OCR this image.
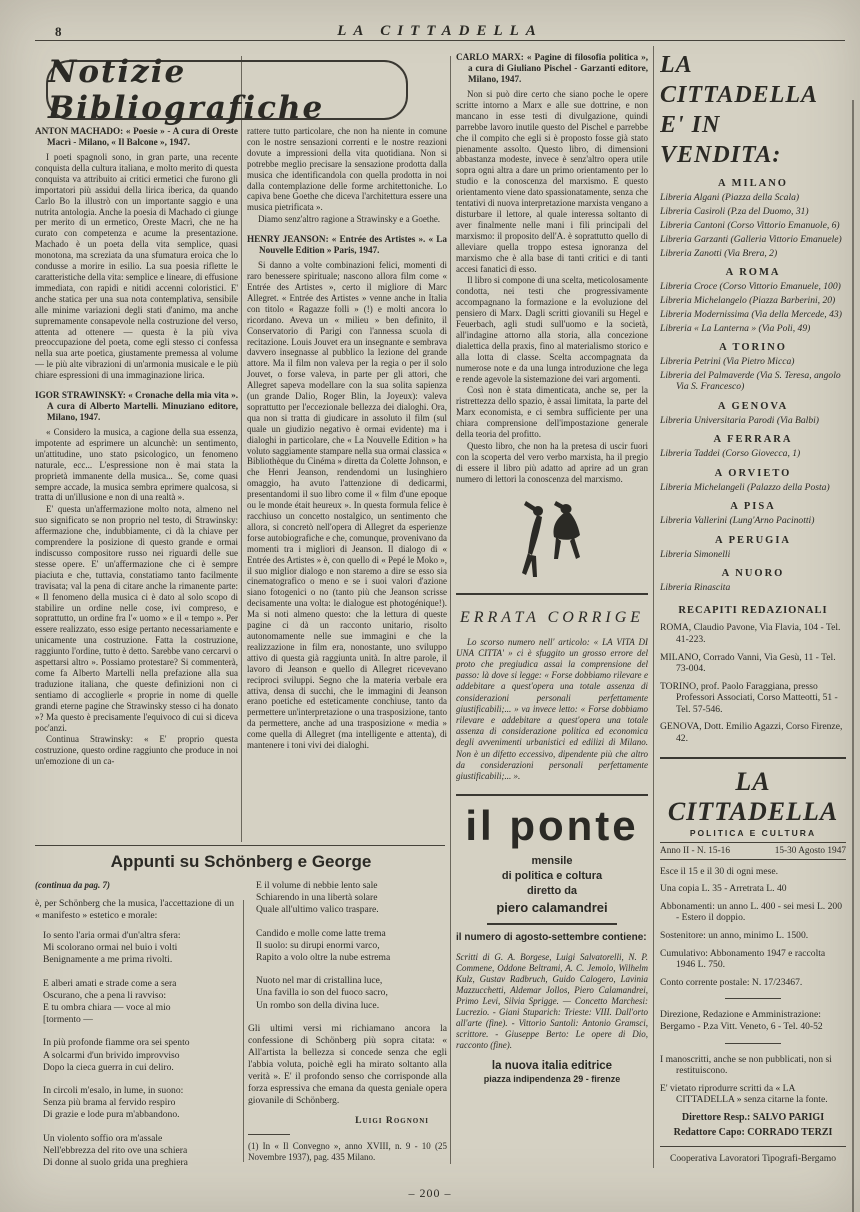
8	LA CITTADELLA
Notizie Bibliografiche

ANTON MACHADO: « Poesie » - A cura di Oreste Macrì - Milano, « Il Balcone », 1947.

I poeti spagnoli sono, in gran parte, una recente conquista della cultura italiana, e molto merito di questa conquista va attribuito ai critici ermetici che furono gli importatori più assidui della lirica iberica, da quando Carlo Bo la illustrò con un importante saggio e una nutrita antologia. Anche la poesia di Machado ci giunge per merito di un ermetico, Oreste Macrì, che ne ha curato con competenza e acume la presentazione. Machado è un poeta della vita semplice, quasi monotona, ma screziata da una sfumatura eroica che lo condusse a morire in esilio. La sua poesia riflette le caratteristiche della vita: semplice e lineare, di effusione immediata, con rapidi e nitidi accenni coloristici. E' anche statica per una sua nota contemplativa, sensibile alle minime variazioni degli stati d'animo, ma anche supremamente consapevole nella costruzione del verso, attenta ad ottenere — questa è la più viva preoccupazione del poeta, come egli stesso ci confessa nella sua arte poetica, giustamente premessa al volume — le più alte vibrazioni di un'armonia musicale e le più chiare espressioni di una immaginazione lirica.

IGOR STRAWINSKY: « Cronache della mia vita ». A cura di Alberto Martelli. Minuziano editore, Milano, 1947.

« Considero la musica, a cagione della sua essenza, impotente ad esprimere un alcunchè: un sentimento, un'attitudine, uno stato psicologico, un fenomeno naturale, ecc... L'espressione non è mai stata la proprietà immanente della musica... Se, come quasi sempre accade, la musica sembra eprimere qualcosa, si tratta di un'illusione e non di una realtà ».

E' questa un'affermazione molto nota, almeno nel suo significato se non proprio nel testo, di Strawinsky: affermazione che, indubbiamente, ci dà la chiave per comprendere la posizione di questo grande e ormai indiscusso compositore russo nei riguardi delle sue stesse opere. E' un'affermazione che ci è sempre piaciuta e che, tuttavia, constatiamo tanto facilmente travisata; val la pena di citare anche la rimanente parte: « Il fenomeno della musica ci è dato al solo scopo di stabilire un ordine nelle cose, ivi compreso, e soprattutto, un ordine fra l'« uomo » e il « tempo ». Per essere realizzato, esso esige pertanto necessariamente e unicamente una costruzione. Fatta la costruzione, raggiunto l'ordine, tutto è detto. Sarebbe vano cercarvi o aspettarsi altro ». Possiamo protestare? Si commenterà, come fa Alberto Martelli nella prefazione alla sua traduzione italiana, che queste definizioni non ci sentiamo di accoglierle « proprie in nome di quelle grandi eterne pagine che Strawinsky stesso ci ha donato »? Ma questo è precisamente l'equivoco di cui si diceva poc'anzi.

Continua Strawinsky: « E' proprio questa costruzione, questo ordine raggiunto che produce in noi un'emozione di un ca-

rattere tutto particolare, che non ha niente in comune con le nostre sensazioni correnti e le nostre reazioni dovute a impressioni della vita quotidiana. Non si potrebbe meglio precisare la sensazione prodotta dalla musica che identificandola con quella prodotta in noi dalla contemplazione delle forme architettoniche. Lo capiva bene Goethe che diceva l'architettura essere una musica pietrificata ».

Diamo senz'altro ragione a Strawinsky e a Goethe.

HENRY JEANSON: « Entrée des Artistes ». « La Nouvelle Edition » Paris, 1947.

Si danno a volte combinazioni felici, momenti di raro benessere spirituale; nascono allora film come « Entrée des Artistes », certo il migliore di Marc Allegret. « Entrée des Artistes » venne anche in Italia con titolo « Ragazze folli » (!) e molti ancora lo ricordano. Aveva un « milieu » ben definito, il Conservatorio di Parigi con l'annessa scuola di recitazione. Louis Jouvet era un insegnante e sembrava davvero insegnasse al pubblico la lezione del grande attore. Ma il film non valeva per la regia o per il solo Jouvet, o forse valeva, in parte per gli attori, che Allegret sapeva modellare con la sua solita sapienza (un grande Dalio, Roger Blin, la Joyeux): valeva soprattutto per l'eccezionale bellezza dei dialoghi. Ora, qua non si tratta di giudicare in assoluto il film (sul quale un giudizio negativo è ormai evidente) ma i dialoghi in particolare, che « La Nouvelle Edition » ha voluto saggiamente stampare nella sua ormai classica « Bibliothèque du Cinéma » diretta da Colette Johnson, e che Henri Jeanson, rendendomi un lusinghiero omaggio, ha avuto l'attenzione di dedicarmi, presentandomi il suo libro come il « film d'une epoque ou le monde était heureux ». In questa formula felice è racchiuso un concetto nostalgico, un sentimento che allora, si concretò nell'opera di Allegret da esperienze forse autobiografiche e che, comunque, provenivano da momenti tra i migliori di Jeanson. Il dialogo di « Entrée des Artistes » è, con quello di « Pepé le Moko », il suo miglior dialogo e non staremo a dire se esso sia cinematografico o meno e se i suoi valori d'azione siano fotogenici o no (tanto più che Jeanson scrisse decisamente una volta: le dialogue est photogénique!). Ma si noti almeno questo: che la lettura di queste pagine ci dà un racconto unitario, risolto autonomamente nelle sue immagini e che la realizzazione in film era, nonostante, uno sviluppo attivo di questa già raggiunta unità. In altre parole, il lavoro di Jeanson e quello di Allegret ricevevano reciproci sviluppi. Segno che la materia verbale era attiva, densa di succhi, che le immagini di Jeanson erano poetiche ed esteticamente conchiuse, tanto da permettere un'interpretazione o una trasposizione, tanto da permettere, anche ad una trasposizione « media » come quella di Allegret (ma intelligente e attenta), di mantenere i toni vivi dei dialoghi.

CARLO MARX: « Pagine di filosofia politica », a cura di Giuliano Pischel - Garzanti editore, Milano, 1947.

Non si può dire certo che siano poche le opere scritte intorno a Marx e alle sue dottrine, e non mancano in esse testi di divulgazione, quindi parrebbe lavoro inutile questo del Pischel e parrebbe che il compito che egli si è proposto fosse già stato pienamente assolto. Questo libro, di dimensioni abbastanza modeste, invece è senz'altro opera utile sopra ogni altra a dare un primo orientamento per lo studio e la conoscenza del marxismo. E questo orientamento viene dato spassionatamente, senza che tentativi di nuova interpretazione marxista vengano a disturbare il lettore, al quale interessa soltanto di aver finalmente nelle mani i fili principali del marxismo: il proposito dell'A. è soprattutto quello di alleviare quella troppo estesa ignoranza del marxismo che è alla base di tanti critici e di tanti accesi fanatici di esso.

Il libro si compone di una scelta, meticolosamente condotta, nei testi che progressivamente accompagnano la formazione e la evoluzione del pensiero di Marx. Dagli scritti giovanili su Hegel e Feuerbach, agli studi sull'uomo e la società, all'indagine attorno alla storia, alla concezione dialettica della praxis, fino al materialismo storico e alla lotta di classe. Scelta accompagnata da numerose note e da una lunga introduzione che lega e rende agevole la sistemazione dei vari argomenti.

Così non è stata dimenticata, anche se, per la ristrettezza dello spazio, è assai limitata, la parte del Marx economista, e ci sembra sufficiente per una chiara comprensione dell'impostazione generale della teoria del profitto.

Questo libro, che non ha la pretesa di uscir fuori con la scoperta del vero verbo marxista, ha il pregio di essere il libro più adatto ad aprire ad un gran numero di lettori la conoscenza del marxismo.

ERRATA CORRIGE

Lo scorso numero nell' articolo: « LA VITA DI UNA CITTA' » ci è sfuggito un grosso errore del proto che pregiudica assai la comprensione del passo: là dove si legge: « Forse dobbiamo rilevare e addebitare a quest'opera una totale assenza di considerazioni personali perfettamente giustificabili;... » va invece letto: « Forse dobbiamo rilevare e addebitare a quest'opera una totale assenza di considerazione politica ed economica degli avvenimenti urbanistici ed edilizi di Milano. Non è un difetto eccessivo, dipendente più che altro da considerazioni personali perfettamente giustificabili;... ».

il ponte
mensile
di politica e coltura
diretto da
piero calamandrei
il numero di agosto-settembre contiene:

Scritti di G. A. Borgese, Luigi Salvatorelli, N. P. Commene, Oddone Beltrami, A. C. Jemolo, Wilhelm Kulz, Gustav Radbruch, Guido Calogero, Lavinia Mazzucchetti, Aldemar Jollos, Piero Calamandrei, Primo Levi, Silvia Sprigge. — Concetto Marchesi: Lucrezio. - Giani Stuparich: Trieste: VIII. Dall'orto all'arte (fine). - Vittorio Santoli: Antonio Gramsci, scrittore. - Giuseppe Berto: Le opere di Dio, racconto (fine).

la nuova italia editrice
piazza indipendenza 29 - firenze
Appunti su Schönberg e George
(continua da pag. 7)

è, per Schönberg che la musica, l'accettazione di un « manifesto » estetico e morale:

Io sento l'aria ormai d'un'altra sfera:
Mi scolorano ormai nel buio i volti
Benignamente a me prima rivolti.

E alberi amati e strade come a sera
Oscurano, che a pena li ravviso:
E tu ombra chiara — voce al mio
[tormento —

In più profonde fiamme ora sei spento
A solcarmi d'un brivido improvviso
Dopo la cieca guerra in cui deliro.

In circoli m'esalo, in lume, in suono:
Senza più brama al fervido respiro
Di grazie e lode pura m'abbandono.

Un violento soffio ora m'assale
Nell'ebbrezza del rito ove una schiera
Di donne al suolo grida una preghiera

E il volume di nebbie lento sale
Schiarendo in una libertà solare
Quale all'ultimo valico traspare.

Candido e molle come latte trema
Il suolo: su dirupi enormi varco,
Rapito a volo oltre la nube estrema

Nuoto nel mar di cristallina luce,
Una favilla io son del fuoco sacro,
Un rombo son della divina luce.

Gli ultimi versi mi richiamano ancora la confessione di Schönberg più sopra citata: « All'artista la bellezza si concede senza che egli l'abbia voluta, poichè egli ha mirato soltanto alla verità ». E' il profondo senso che corrisponde alla forza espressiva che emana da questa geniale opera giovanile di Schönberg.

Luigi Rognoni

(1) In « Il Convegno », anno XVIII, n. 9 - 10 (25 Novembre 1937), pag. 435 Milano.

LA CITTADELLA
E' IN VENDITA:
A MILANO
Libreria Algani (Piazza della Scala)
Libreria Casiroli (P.za del Duomo, 31)
Libreria Cantoni (Corso Vittorio Emanuole, 6)
Libreria Garzanti (Galleria Vittorio Emanuele)
Libreria Zanotti (Via Brera, 2)
A ROMA
Libreria Croce (Corso Vittorio Emanuele, 100)
Libreria Michelangelo (Piazza Barberini, 20)
Libreria Modernissima (Via della Mercede, 43)
Libreria « La Lanterna » (Via Poli, 49)
A TORINO
Libreria Petrini (Via Pietro Micca)
Libreria del Palmaverde (Via S. Teresa, angolo Via S. Francesco)
A GENOVA
Libreria Universitaria Parodi (Via Balbi)
A FERRARA
Libreria Taddei (Corso Giovecca, 1)
A ORVIETO
Libreria Michelangeli (Palazzo della Posta)
A PISA
Libreria Vallerini (Lung'Arno Pacinotti)
A PERUGIA
Libreria Simonelli
A NUORO
Libreria Rinascita
RECAPITI REDAZIONALI
ROMA, Claudio Pavone, Via Flavia, 104 - Tel. 41-223.
MILANO, Corrado Vanni, Via Gesù, 11 - Tel. 73-004.
TORINO, prof. Paolo Faraggiana, presso Professori Associati, Corso Matteotti, 51 - Tel. 57-546.
GENOVA, Dott. Emilio Agazzi, Corso Firenze, 42.
LA CITTADELLA
POLITICA E CULTURA
Anno II - N. 15-16	15-30 Agosto 1947
Esce il 15 e il 30 di ogni mese.
Una copia L. 35 - Arretrata L. 40
Abbonamenti: un anno L. 400 - sei mesi L. 200 - Estero il doppio.
Sostenitore: un anno, minimo L. 1500.
Cumulativo: Abbonamento 1947 e raccolta 1946 L. 750.
Conto corrente postale: N. 17/23467.
Direzione, Redazione e Amministrazione: Bergamo - P.za Vitt. Veneto, 6 - Tel. 40-52
I manoscritti, anche se non pubblicati, non si restituiscono.
E' vietato riprodurre scritti da « LA CITTADELLA » senza citarne la fonte.
Direttore Resp.: SALVO PARIGI
Redattore Capo: CORRADO TERZI
Cooperativa Lavoratori Tipografi-Bergamo
– 200 –
